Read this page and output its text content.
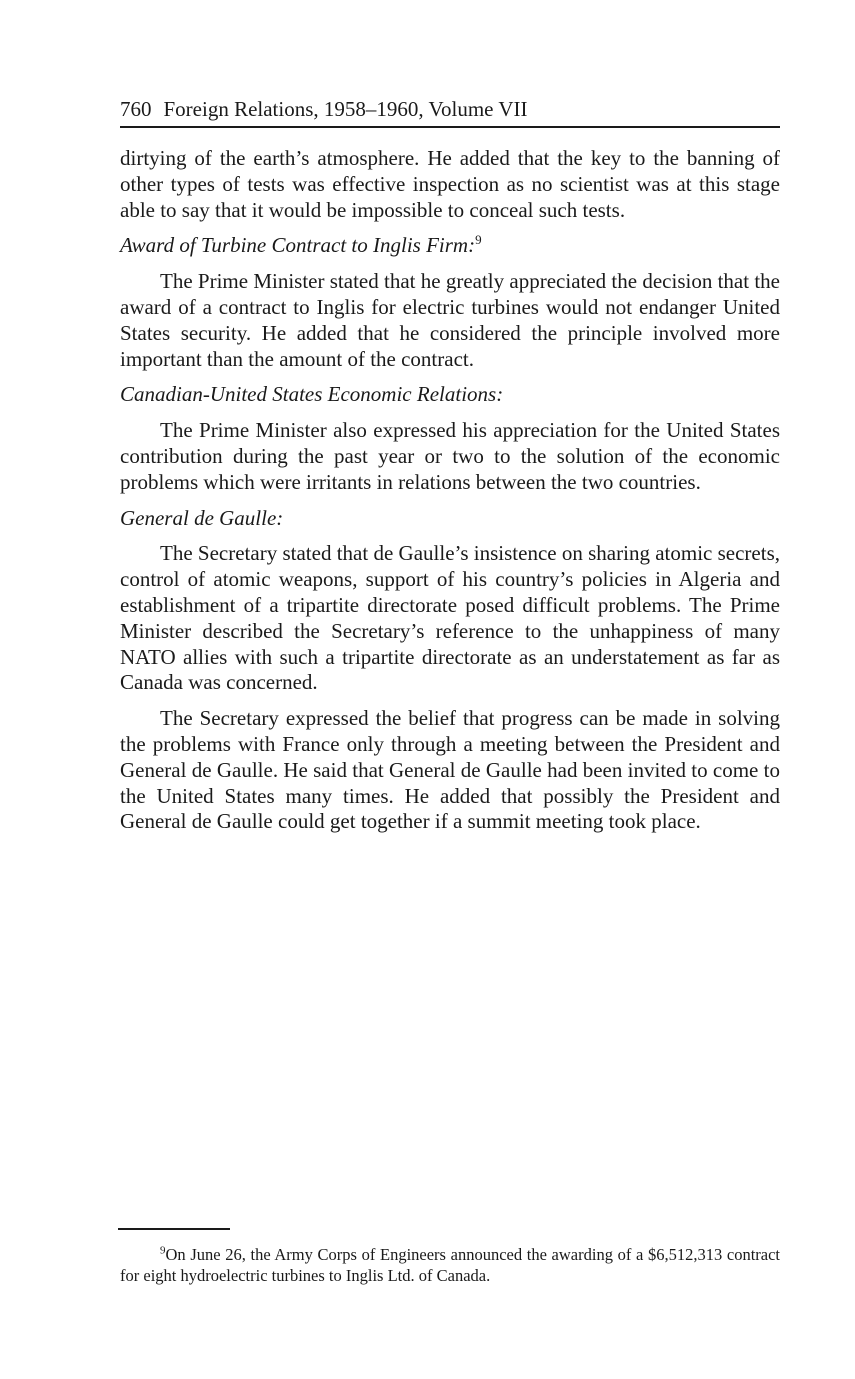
760 Foreign Relations, 1958–1960, Volume VII

dirtying of the earth’s atmosphere. He added that the key to the banning of other types of tests was effective inspection as no scientist was at this stage able to say that it would be impossible to conceal such tests.

Award of Turbine Contract to Inglis Firm:$^9$

The Prime Minister stated that he greatly appreciated the decision that the award of a contract to Inglis for electric turbines would not endanger United States security. He added that he considered the principle involved more important than the amount of the contract.

Canadian-United States Economic Relations:

The Prime Minister also expressed his appreciation for the United States contribution during the past year or two to the solution of the economic problems which were irritants in relations between the two countries.

General de Gaulle:

The Secretary stated that de Gaulle’s insistence on sharing atomic secrets, control of atomic weapons, support of his country’s policies in Algeria and establishment of a tripartite directorate posed difficult problems. The Prime Minister described the Secretary’s reference to the unhappiness of many NATO allies with such a tripartite directorate as an understatement as far as Canada was concerned.

The Secretary expressed the belief that progress can be made in solving the problems with France only through a meeting between the President and General de Gaulle. He said that General de Gaulle had been invited to come to the United States many times. He added that possibly the President and General de Gaulle could get together if a summit meeting took place.

$^9$On June 26, the Army Corps of Engineers announced the awarding of a $6,512,313 contract for eight hydroelectric turbines to Inglis Ltd. of Canada.
